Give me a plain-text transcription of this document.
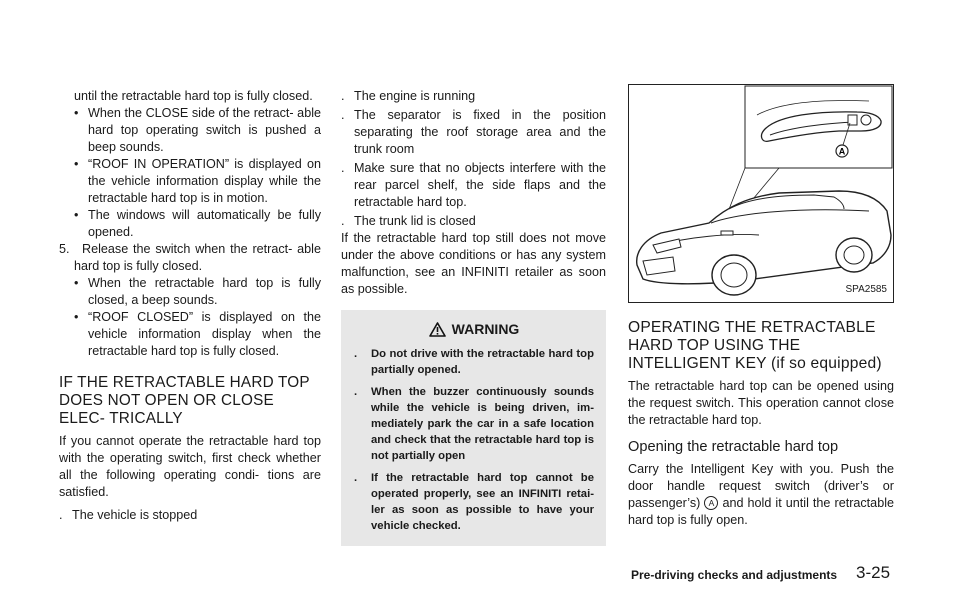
until the retractable hard top is fully closed.

• When the CLOSE side of the retract- able hard top operating switch is pushed a beep sounds.
• “ROOF IN OPERATION” is displayed on the vehicle information display while the retractable hard top is in motion.
• The windows will automatically be fully opened.
5. Release the switch when the retract- able hard top is fully closed.
• When the retractable hard top is fully closed, a beep sounds.
• “ROOF CLOSED” is displayed on the vehicle information display when the retractable hard top is fully closed.
IF THE RETRACTABLE HARD TOP DOES NOT OPEN OR CLOSE ELEC- TRICALLY

If you cannot operate the retractable hard top with the operating switch, first check whether all the following operating condi- tions are satisfied.

. The vehicle is stopped
. The engine is running
. The separator is fixed in the position separating the roof storage area and the trunk room
. Make sure that no objects interfere with the rear parcel shelf, the side flaps and the retractable hard top.
. The trunk lid is closed

If the retractable hard top still does not move under the above conditions or has any system malfunction, see an INFINITI retailer as soon as possible.

WARNING
. Do not drive with the retractable hard top partially opened.
. When the buzzer continuously sounds while the vehicle is being driven, im- mediately park the car in a safe location and check that the retractable hard top is not partially open
. If the retractable hard top cannot be operated properly, see an INFINITI retai- ler as soon as possible to have your vehicle checked.
A
SPA2585
OPERATING THE RETRACTABLE HARD TOP USING THE INTELLIGENT KEY (if so equipped)

The retractable hard top can be opened using the request switch. This operation cannot close the retractable hard top.

Opening the retractable hard top

Carry the Intelligent Key with you. Push the door handle request switch (driver’s or passenger’s) A and hold it until the retractable hard top is fully open.

Pre-driving checks and adjustments 3-25
